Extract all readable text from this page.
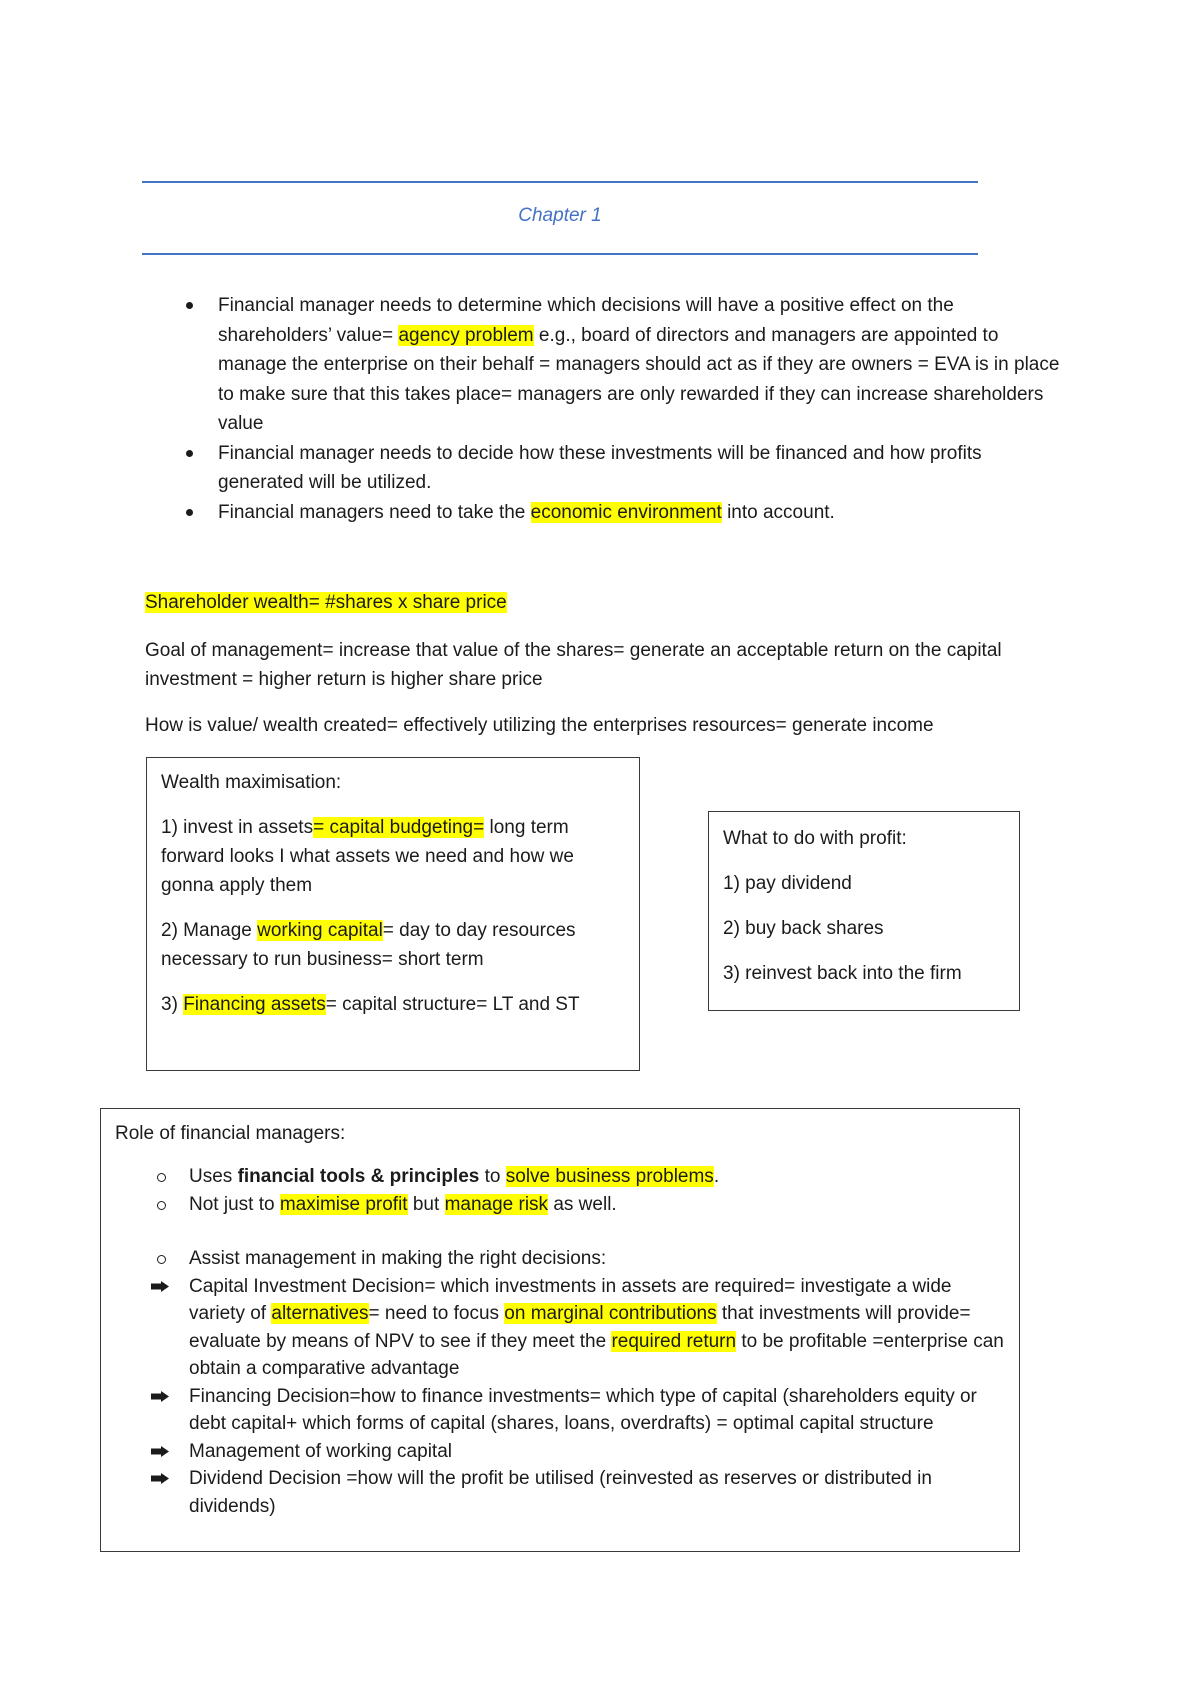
Chapter 1
Financial manager needs to determine which decisions will have a positive effect on the shareholders’ value= agency problem e.g., board of directors and managers are appointed to manage the enterprise on their behalf = managers should act as if they are owners = EVA is in place to make sure that this takes place= managers are only rewarded if they can increase shareholders value
Financial manager needs to decide how these investments will be financed and how profits generated will be utilized.
Financial managers need to take the economic environment into account.

Shareholder wealth= #shares x share price

Goal of management= increase that value of the shares= generate an acceptable return on the capital investment = higher return is higher share price

How is value/ wealth created= effectively utilizing the enterprises resources= generate income

Wealth maximisation:

1) invest in assets= capital budgeting= long term forward looks I what assets we need and how we gonna apply them

2) Manage working capital= day to day resources necessary to run business= short term

3) Financing assets= capital structure= LT and ST

What to do with profit:

1) pay dividend

2) buy back shares

3) reinvest back into the firm

Role of financial managers:

Uses financial tools & principles to solve business problems.
Not just to maximise profit but manage risk as well.
Assist management in making the right decisions:
Capital Investment Decision= which investments in assets are required= investigate a wide variety of alternatives= need to focus on marginal contributions that investments will provide= evaluate by means of NPV to see if they meet the required return to be profitable =enterprise can obtain a comparative advantage
Financing Decision=how to finance investments= which type of capital (shareholders equity or debt capital+ which forms of capital (shares, loans, overdrafts) = optimal capital structure
Management of working capital
Dividend Decision =how will the profit be utilised (reinvested as reserves or distributed in dividends)
